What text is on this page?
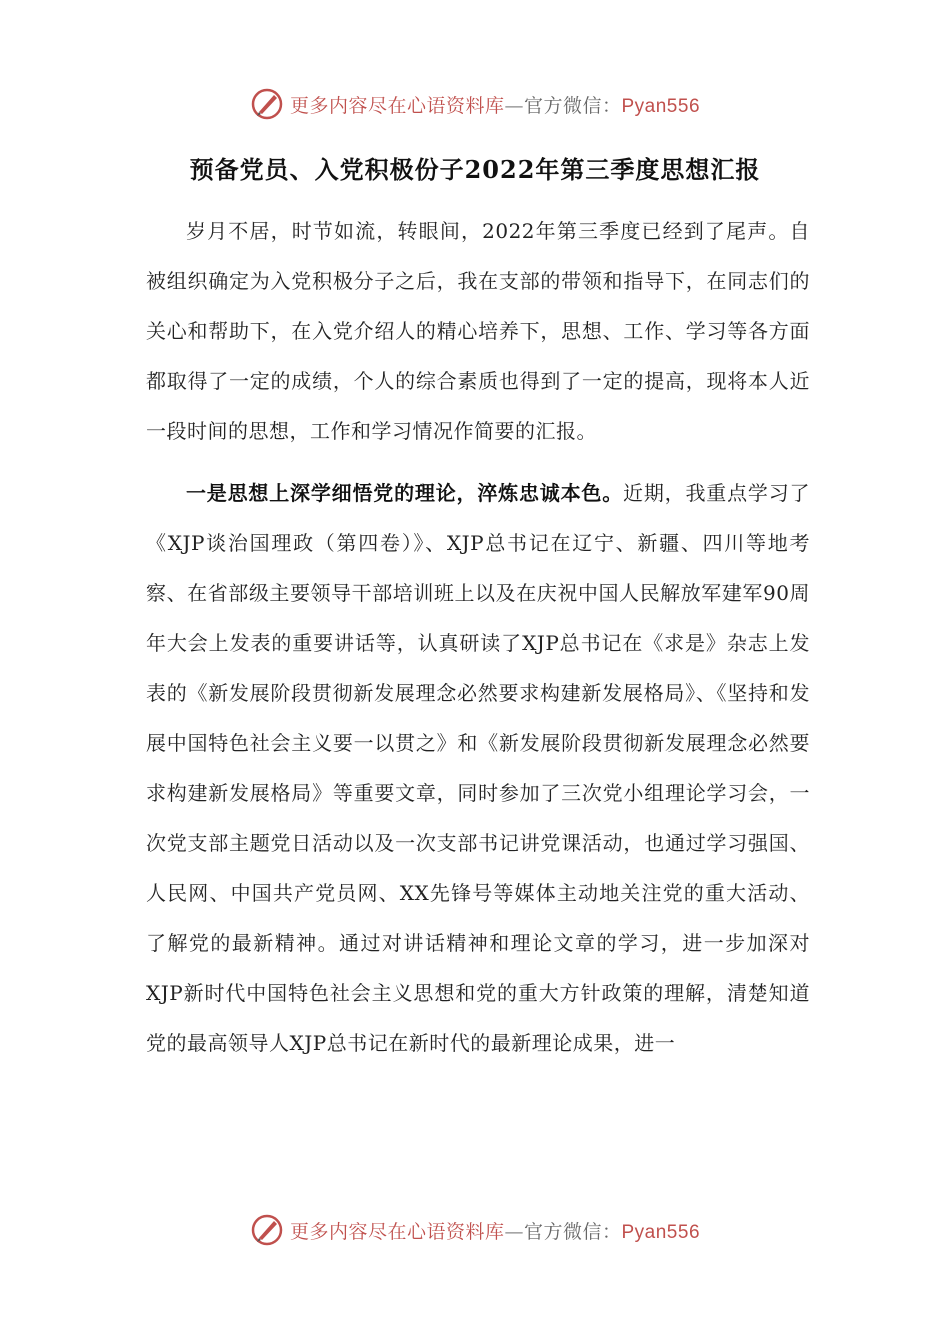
更多内容尽在心语资料库—官方微信：Pyan556
预备党员、入党积极份子2022年第三季度思想汇报

岁月不居，时节如流，转眼间，2022年第三季度已经到了尾声。自被组织确定为入党积极分子之后，我在支部的带领和指导下，在同志们的关心和帮助下，在入党介绍人的精心培养下，思想、工作、学习等各方面都取得了一定的成绩，个人的综合素质也得到了一定的提高，现将本人近一段时间的思想，工作和学习情况作简要的汇报。

一是思想上深学细悟党的理论，淬炼忠诚本色。近期，我重点学习了《XJP谈治国理政（第四卷）》、XJP总书记在辽宁、新疆、四川等地考察、在省部级主要领导干部培训班上以及在庆祝中国人民解放军建军90周年大会上发表的重要讲话等，认真研读了XJP总书记在《求是》杂志上发表的《新发展阶段贯彻新发展理念必然要求构建新发展格局》、《坚持和发展中国特色社会主义要一以贯之》和《新发展阶段贯彻新发展理念必然要求构建新发展格局》等重要文章，同时参加了三次党小组理论学习会，一次党支部主题党日活动以及一次支部书记讲党课活动，也通过学习强国、人民网、中国共产党员网、XX先锋号等媒体主动地关注党的重大活动、了解党的最新精神。通过对讲话精神和理论文章的学习，进一步加深对XJP新时代中国特色社会主义思想和党的重大方针政策的理解，清楚知道党的最高领导人XJP总书记在新时代的最新理论成果，进一

更多内容尽在心语资料库—官方微信：Pyan556
